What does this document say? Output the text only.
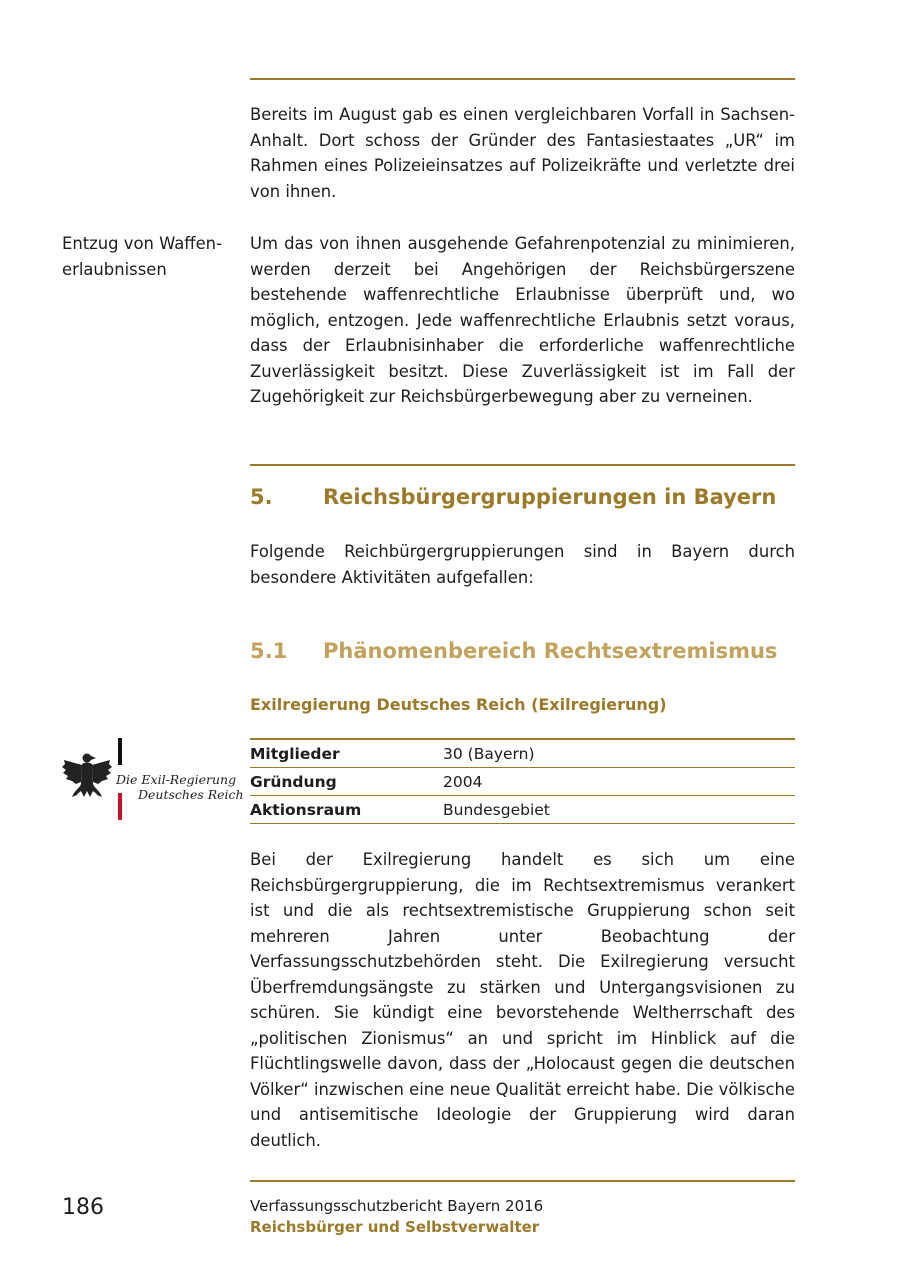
Bereits im August gab es einen vergleichbaren Vorfall in Sachsen-Anhalt. Dort schoss der Gründer des Fantasiestaates „UR“ im Rahmen eines Polizeieinsatzes auf Polizeikräfte und verletzte drei von ihnen.

Entzug von Waffen-
erlaubnissen

Um das von ihnen ausgehende Gefahrenpotenzial zu minimieren, werden derzeit bei Angehörigen der Reichsbürgerszene bestehende waffenrechtliche Erlaubnisse überprüft und, wo möglich, entzogen. Jede waffenrechtliche Erlaubnis setzt voraus, dass der Erlaubnisinhaber die erforderliche waffenrechtliche Zuverlässigkeit besitzt. Diese Zuverlässigkeit ist im Fall der Zugehörigkeit zur Reichsbürgerbewegung aber zu verneinen.

5. Reichsbürgergruppierungen in Bayern

Folgende Reichbürgergruppierungen sind in Bayern durch besondere Aktivitäten aufgefallen:

5.1 Phänomenbereich Rechtsextremismus
Exilregierung Deutsches Reich (Exilregierung)
Die Exil-Regierung
Deutsches Reich
Mitglieder	30 (Bayern)
Gründung	2004
Aktionsraum	Bundesgebiet

Bei der Exilregierung handelt es sich um eine Reichsbürgergruppierung, die im Rechtsextremismus verankert ist und die als rechtsextremistische Gruppierung schon seit mehreren Jahren unter Beobachtung der Verfassungsschutzbehörden steht. Die Exilregierung versucht Überfremdungsängste zu stärken und Untergangsvisionen zu schüren. Sie kündigt eine bevorstehende Weltherrschaft des „politischen Zionismus“ an und spricht im Hinblick auf die Flüchtlingswelle davon, dass der „Holocaust gegen die deutschen Völker“ inzwischen eine neue Qualität erreicht habe. Die völkische und antisemitische Ideologie der Gruppierung wird daran deutlich.

186	Verfassungsschutzbericht Bayern 2016
Reichsbürger und Selbstverwalter
